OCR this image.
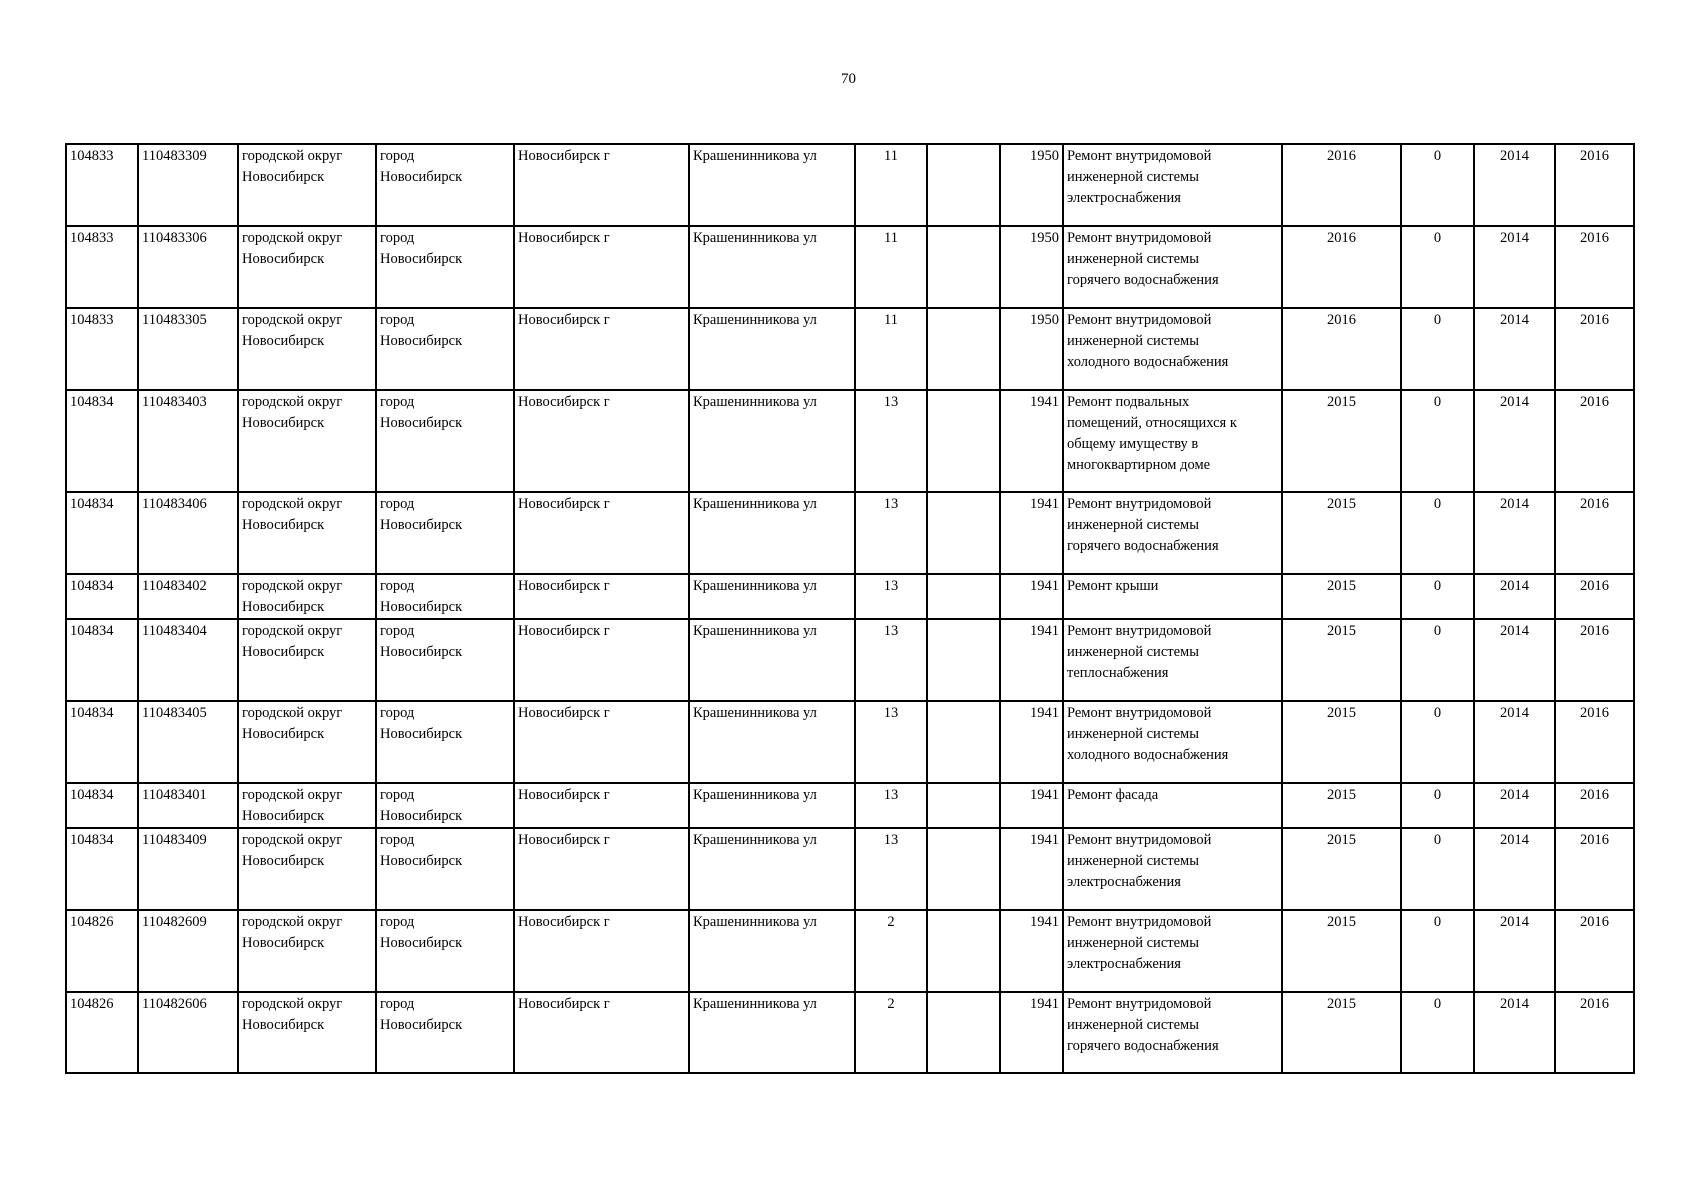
70
104833	110483309	городской округ
Новосибирск	город
Новосибирск	Новосибирск г	Крашенинникова ул	11		1950	Ремонт внутридомовой
инженерной системы
электроснабжения	2016	0	2014	2016
104833	110483306	городской округ
Новосибирск	город
Новосибирск	Новосибирск г	Крашенинникова ул	11		1950	Ремонт внутридомовой
инженерной системы
горячего водоснабжения	2016	0	2014	2016
104833	110483305	городской округ
Новосибирск	город
Новосибирск	Новосибирск г	Крашенинникова ул	11		1950	Ремонт внутридомовой
инженерной системы
холодного водоснабжения	2016	0	2014	2016
104834	110483403	городской округ
Новосибирск	город
Новосибирск	Новосибирск г	Крашенинникова ул	13		1941	Ремонт подвальных
помещений, относящихся к
общему имуществу в
многоквартирном доме	2015	0	2014	2016
104834	110483406	городской округ
Новосибирск	город
Новосибирск	Новосибирск г	Крашенинникова ул	13		1941	Ремонт внутридомовой
инженерной системы
горячего водоснабжения	2015	0	2014	2016
104834	110483402	городской округ
Новосибирск	город
Новосибирск	Новосибирск г	Крашенинникова ул	13		1941	Ремонт крыши	2015	0	2014	2016
104834	110483404	городской округ
Новосибирск	город
Новосибирск	Новосибирск г	Крашенинникова ул	13		1941	Ремонт внутридомовой
инженерной системы
теплоснабжения	2015	0	2014	2016
104834	110483405	городской округ
Новосибирск	город
Новосибирск	Новосибирск г	Крашенинникова ул	13		1941	Ремонт внутридомовой
инженерной системы
холодного водоснабжения	2015	0	2014	2016
104834	110483401	городской округ
Новосибирск	город
Новосибирск	Новосибирск г	Крашенинникова ул	13		1941	Ремонт фасада	2015	0	2014	2016
104834	110483409	городской округ
Новосибирск	город
Новосибирск	Новосибирск г	Крашенинникова ул	13		1941	Ремонт внутридомовой
инженерной системы
электроснабжения	2015	0	2014	2016
104826	110482609	городской округ
Новосибирск	город
Новосибирск	Новосибирск г	Крашенинникова ул	2		1941	Ремонт внутридомовой
инженерной системы
электроснабжения	2015	0	2014	2016
104826	110482606	городской округ
Новосибирск	город
Новосибирск	Новосибирск г	Крашенинникова ул	2		1941	Ремонт внутридомовой
инженерной системы
горячего водоснабжения	2015	0	2014	2016
